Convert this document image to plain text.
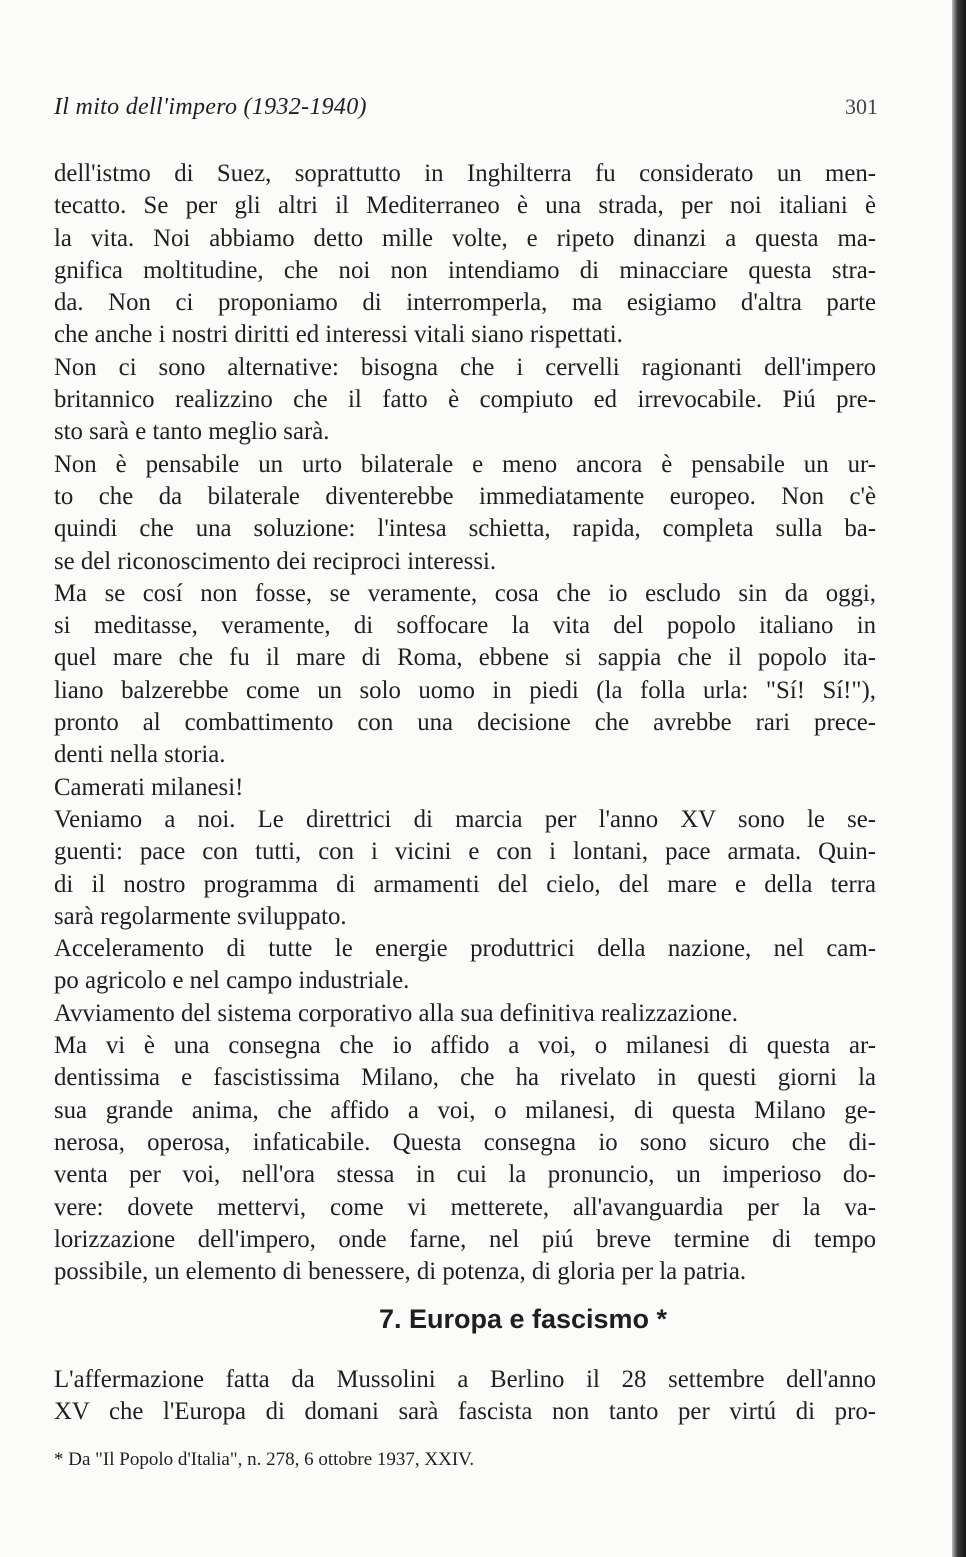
Il mito dell'impero (1932-1940)	301
dell'istmo di Suez, soprattutto in Inghilterra fu considerato un men-
tecatto. Se per gli altri il Mediterraneo è una strada, per noi italiani è
la vita. Noi abbiamo detto mille volte, e ripeto dinanzi a questa ma-
gnifica moltitudine, che noi non intendiamo di minacciare questa stra-
da. Non ci proponiamo di interromperla, ma esigiamo d'altra parte
che anche i nostri diritti ed interessi vitali siano rispettati.
Non ci sono alternative: bisogna che i cervelli ragionanti dell'impero
britannico realizzino che il fatto è compiuto ed irrevocabile. Piú pre-
sto sarà e tanto meglio sarà.
Non è pensabile un urto bilaterale e meno ancora è pensabile un ur-
to che da bilaterale diventerebbe immediatamente europeo. Non c'è
quindi che una soluzione: l'intesa schietta, rapida, completa sulla ba-
se del riconoscimento dei reciproci interessi.
Ma se cosí non fosse, se veramente, cosa che io escludo sin da oggi,
si meditasse, veramente, di soffocare la vita del popolo italiano in
quel mare che fu il mare di Roma, ebbene si sappia che il popolo ita-
liano balzerebbe come un solo uomo in piedi (la folla urla: "Sí! Sí!"),
pronto al combattimento con una decisione che avrebbe rari prece-
denti nella storia.
Camerati milanesi!
Veniamo a noi. Le direttrici di marcia per l'anno XV sono le se-
guenti: pace con tutti, con i vicini e con i lontani, pace armata. Quin-
di il nostro programma di armamenti del cielo, del mare e della terra
sarà regolarmente sviluppato.
Acceleramento di tutte le energie produttrici della nazione, nel cam-
po agricolo e nel campo industriale.
Avviamento del sistema corporativo alla sua definitiva realizzazione.
Ma vi è una consegna che io affido a voi, o milanesi di questa ar-
dentissima e fascistissima Milano, che ha rivelato in questi giorni la
sua grande anima, che affido a voi, o milanesi, di questa Milano ge-
nerosa, operosa, infaticabile. Questa consegna io sono sicuro che di-
venta per voi, nell'ora stessa in cui la pronuncio, un imperioso do-
vere: dovete mettervi, come vi metterete, all'avanguardia per la va-
lorizzazione dell'impero, onde farne, nel piú breve termine di tempo
possibile, un elemento di benessere, di potenza, di gloria per la patria.
7. Europa e fascismo *
L'affermazione fatta da Mussolini a Berlino il 28 settembre dell'anno
XV che l'Europa di domani sarà fascista non tanto per virtú di pro-
* Da "Il Popolo d'Italia", n. 278, 6 ottobre 1937, XXIV.
